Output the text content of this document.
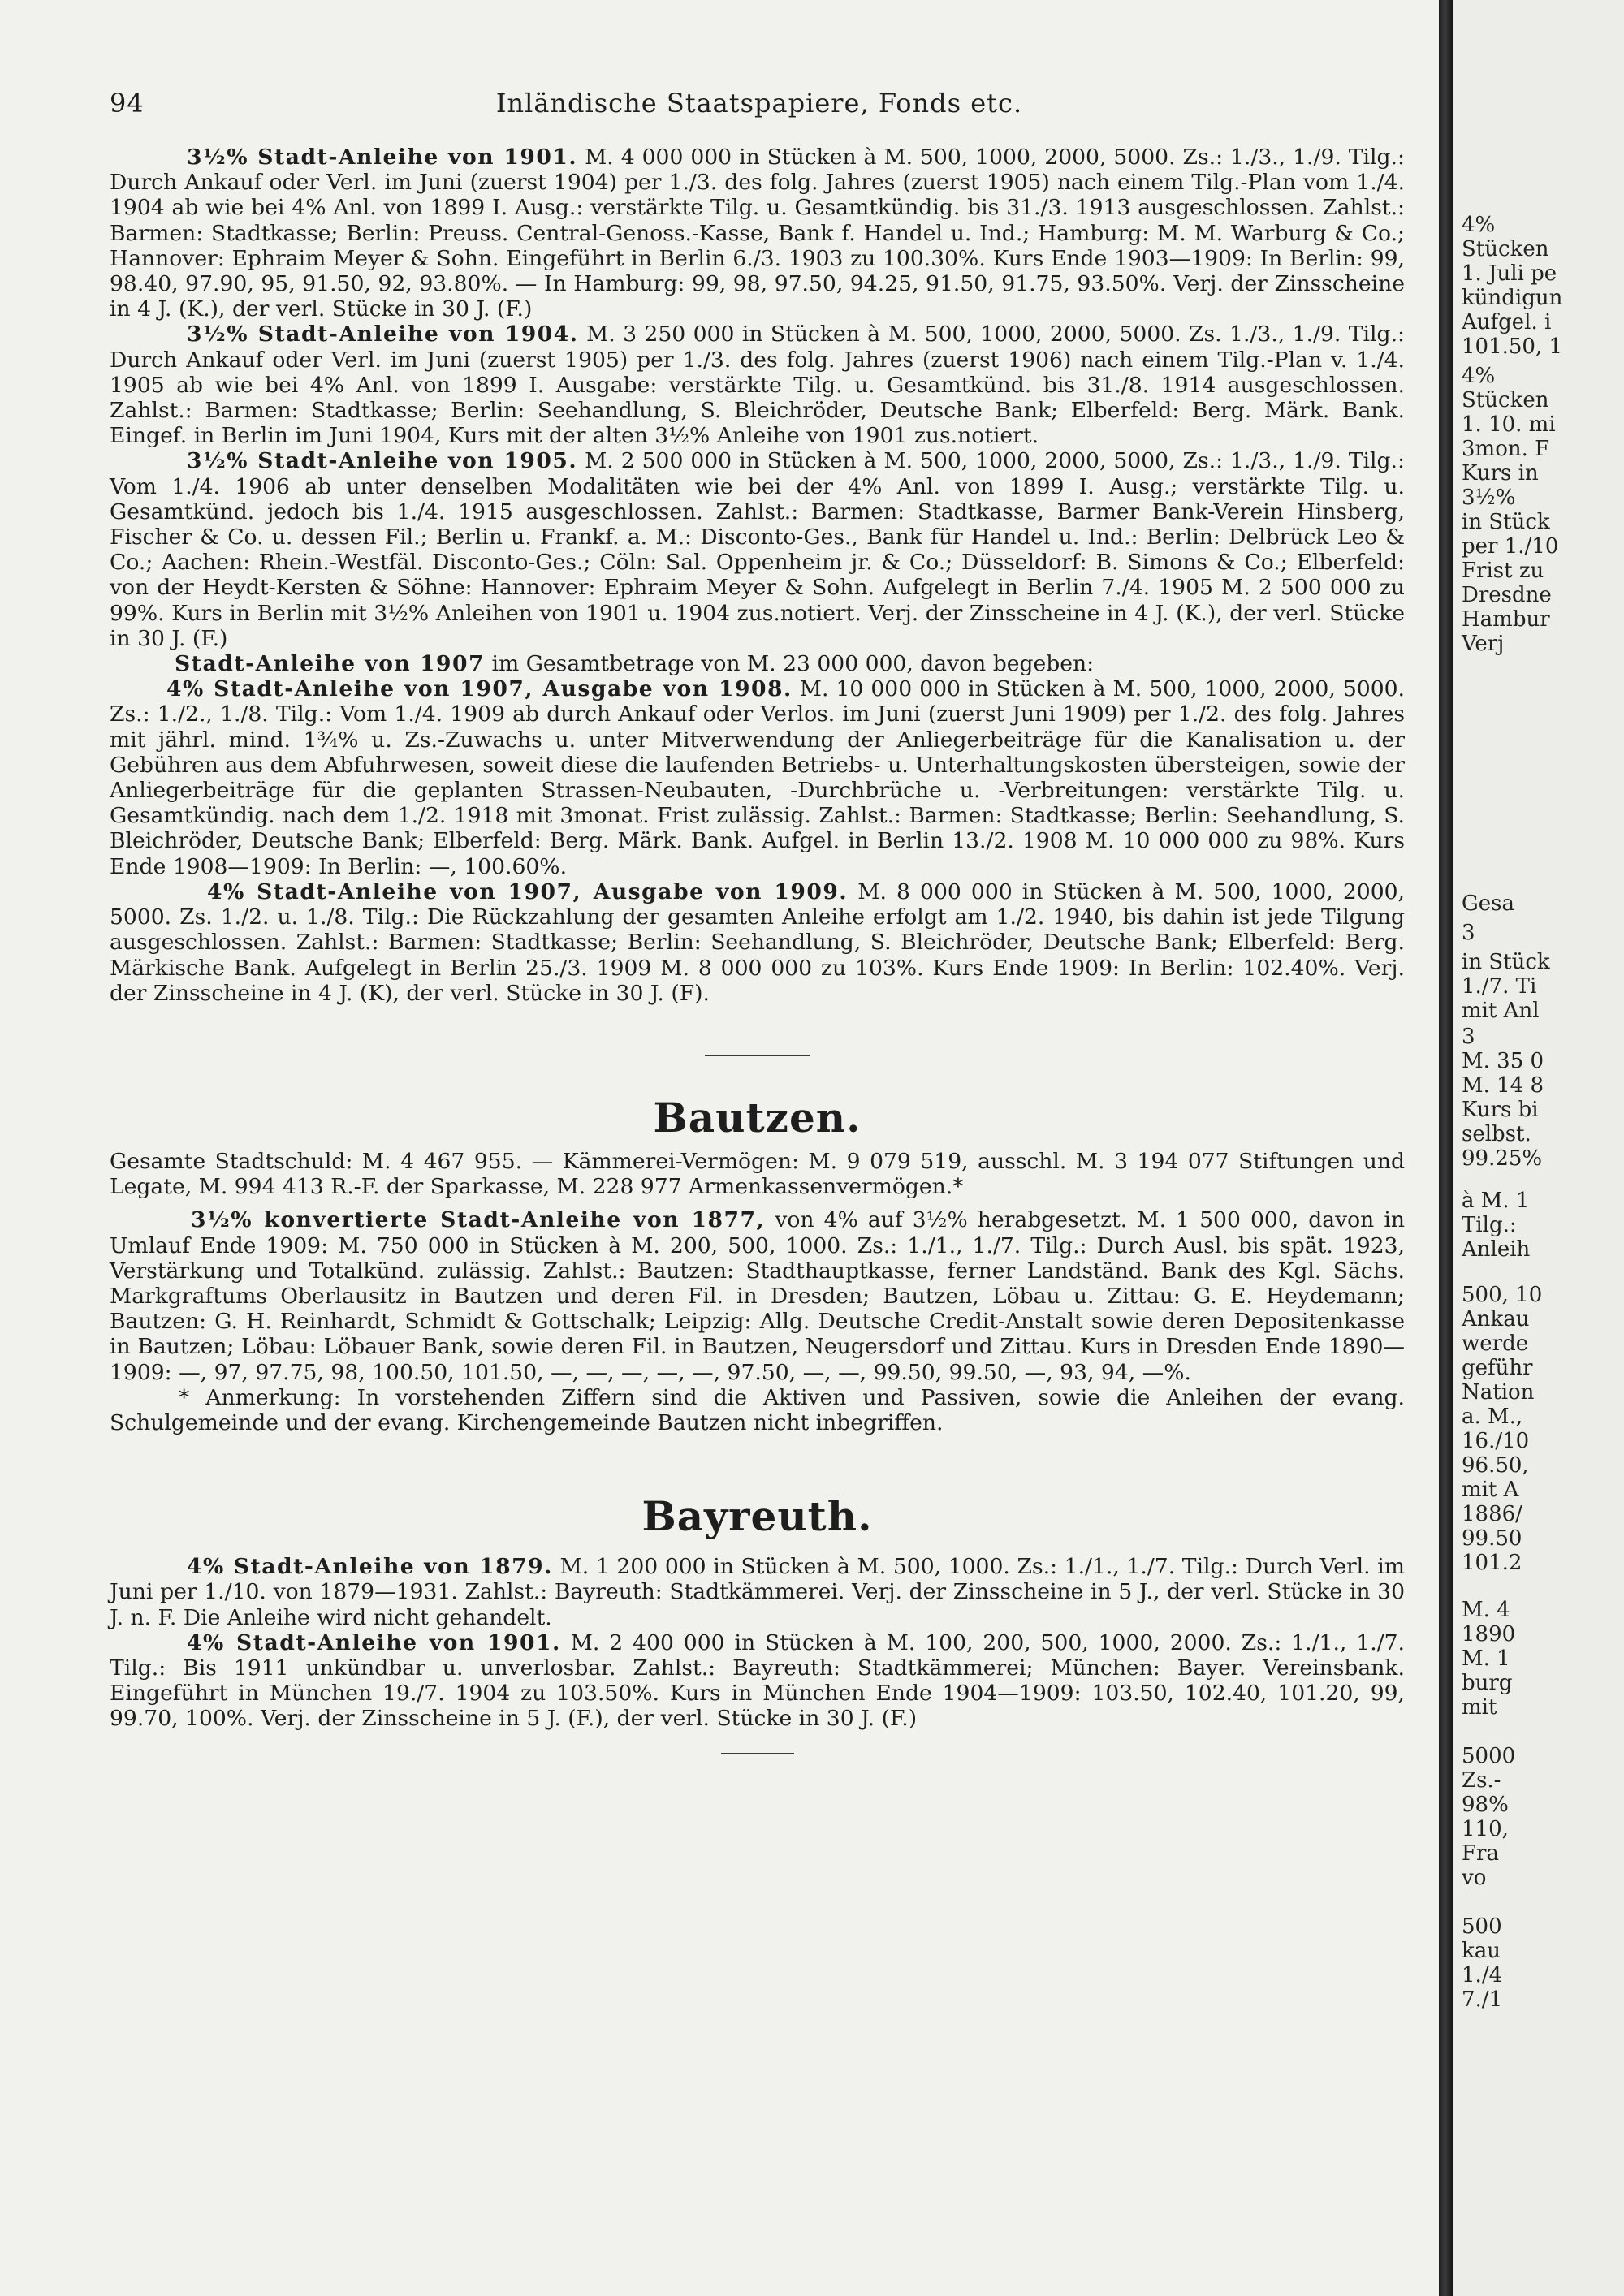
94	Inländische Staatspapiere, Fonds etc.

3½% Stadt-Anleihe von 1901. M. 4 000 000 in Stücken à M. 500, 1000, 2000, 5000. Zs.: 1./3., 1./9. Tilg.: Durch Ankauf oder Verl. im Juni (zuerst 1904) per 1./3. des folg. Jahres (zuerst 1905) nach einem Tilg.-Plan vom 1./4. 1904 ab wie bei 4% Anl. von 1899 I. Ausg.: verstärkte Tilg. u. Gesamtkündig. bis 31./3. 1913 ausgeschlossen. Zahlst.: Barmen: Stadtkasse; Berlin: Preuss. Central-Genoss.-Kasse, Bank f. Handel u. Ind.; Hamburg: M. M. Warburg & Co.; Hannover: Ephraim Meyer & Sohn. Eingeführt in Berlin 6./3. 1903 zu 100.30%. Kurs Ende 1903—1909: In Berlin: 99, 98.40, 97.90, 95, 91.50, 92, 93.80%. — In Hamburg: 99, 98, 97.50, 94.25, 91.50, 91.75, 93.50%. Verj. der Zinsscheine in 4 J. (K.), der verl. Stücke in 30 J. (F.)

3½% Stadt-Anleihe von 1904. M. 3 250 000 in Stücken à M. 500, 1000, 2000, 5000. Zs. 1./3., 1./9. Tilg.: Durch Ankauf oder Verl. im Juni (zuerst 1905) per 1./3. des folg. Jahres (zuerst 1906) nach einem Tilg.-Plan v. 1./4. 1905 ab wie bei 4% Anl. von 1899 I. Ausgabe: verstärkte Tilg. u. Gesamtkünd. bis 31./8. 1914 ausgeschlossen. Zahlst.: Barmen: Stadtkasse; Berlin: Seehandlung, S. Bleichröder, Deutsche Bank; Elberfeld: Berg. Märk. Bank. Eingef. in Berlin im Juni 1904, Kurs mit der alten 3½% Anleihe von 1901 zus.notiert.

3½% Stadt-Anleihe von 1905. M. 2 500 000 in Stücken à M. 500, 1000, 2000, 5000, Zs.: 1./3., 1./9. Tilg.: Vom 1./4. 1906 ab unter denselben Modalitäten wie bei der 4% Anl. von 1899 I. Ausg.; verstärkte Tilg. u. Gesamtkünd. jedoch bis 1./4. 1915 ausgeschlossen. Zahlst.: Barmen: Stadtkasse, Barmer Bank-Verein Hinsberg, Fischer & Co. u. dessen Fil.; Berlin u. Frankf. a. M.: Disconto-Ges., Bank für Handel u. Ind.: Berlin: Delbrück Leo & Co.; Aachen: Rhein.-Westfäl. Disconto-Ges.; Cöln: Sal. Oppenheim jr. & Co.; Düsseldorf: B. Simons & Co.; Elberfeld: von der Heydt-Kersten & Söhne: Hannover: Ephraim Meyer & Sohn. Aufgelegt in Berlin 7./4. 1905 M. 2 500 000 zu 99%. Kurs in Berlin mit 3½% Anleihen von 1901 u. 1904 zus.notiert. Verj. der Zinsscheine in 4 J. (K.), der verl. Stücke in 30 J. (F.)

Stadt-Anleihe von 1907 im Gesamtbetrage von M. 23 000 000, davon begeben:

4% Stadt-Anleihe von 1907, Ausgabe von 1908. M. 10 000 000 in Stücken à M. 500, 1000, 2000, 5000. Zs.: 1./2., 1./8. Tilg.: Vom 1./4. 1909 ab durch Ankauf oder Verlos. im Juni (zuerst Juni 1909) per 1./2. des folg. Jahres mit jährl. mind. 1¾% u. Zs.-Zuwachs u. unter Mitverwendung der Anliegerbeiträge für die Kanalisation u. der Gebühren aus dem Abfuhrwesen, soweit diese die laufenden Betriebs- u. Unterhaltungskosten übersteigen, sowie der Anliegerbeiträge für die geplanten Strassen-Neubauten, -Durchbrüche u. -Verbreitungen: verstärkte Tilg. u. Gesamtkündig. nach dem 1./2. 1918 mit 3monat. Frist zulässig. Zahlst.: Barmen: Stadtkasse; Berlin: Seehandlung, S. Bleichröder, Deutsche Bank; Elberfeld: Berg. Märk. Bank. Aufgel. in Berlin 13./2. 1908 M. 10 000 000 zu 98%. Kurs Ende 1908—1909: In Berlin: —, 100.60%.

4% Stadt-Anleihe von 1907, Ausgabe von 1909. M. 8 000 000 in Stücken à M. 500, 1000, 2000, 5000. Zs. 1./2. u. 1./8. Tilg.: Die Rückzahlung der gesamten Anleihe erfolgt am 1./2. 1940, bis dahin ist jede Tilgung ausgeschlossen. Zahlst.: Barmen: Stadtkasse; Berlin: Seehandlung, S. Bleichröder, Deutsche Bank; Elberfeld: Berg. Märkische Bank. Aufgelegt in Berlin 25./3. 1909 M. 8 000 000 zu 103%. Kurs Ende 1909: In Berlin: 102.40%. Verj. der Zinsscheine in 4 J. (K), der verl. Stücke in 30 J. (F).

Bautzen.

Gesamte Stadtschuld: M. 4 467 955. — Kämmerei-Vermögen: M. 9 079 519, ausschl. M. 3 194 077 Stiftungen und Legate, M. 994 413 R.-F. der Sparkasse, M. 228 977 Armenkassenvermögen.*

3½% konvertierte Stadt-Anleihe von 1877, von 4% auf 3½% herabgesetzt. M. 1 500 000, davon in Umlauf Ende 1909: M. 750 000 in Stücken à M. 200, 500, 1000. Zs.: 1./1., 1./7. Tilg.: Durch Ausl. bis spät. 1923, Verstärkung und Totalkünd. zulässig. Zahlst.: Bautzen: Stadthauptkasse, ferner Landständ. Bank des Kgl. Sächs. Markgraftums Oberlausitz in Bautzen und deren Fil. in Dresden; Bautzen, Löbau u. Zittau: G. E. Heydemann; Bautzen: G. H. Reinhardt, Schmidt & Gottschalk; Leipzig: Allg. Deutsche Credit-Anstalt sowie deren Depositenkasse in Bautzen; Löbau: Löbauer Bank, sowie deren Fil. in Bautzen, Neugersdorf und Zittau. Kurs in Dresden Ende 1890—1909: —, 97, 97.75, 98, 100.50, 101.50, —, —, —, —, —, 97.50, —, —, 99.50, 99.50, —, 93, 94, —%.

* Anmerkung: In vorstehenden Ziffern sind die Aktiven und Passiven, sowie die Anleihen der evang. Schulgemeinde und der evang. Kirchengemeinde Bautzen nicht inbegriffen.

Bayreuth.

4% Stadt-Anleihe von 1879. M. 1 200 000 in Stücken à M. 500, 1000. Zs.: 1./1., 1./7. Tilg.: Durch Verl. im Juni per 1./10. von 1879—1931. Zahlst.: Bayreuth: Stadtkämmerei. Verj. der Zinsscheine in 5 J., der verl. Stücke in 30 J. n. F. Die Anleihe wird nicht gehandelt.

4% Stadt-Anleihe von 1901. M. 2 400 000 in Stücken à M. 100, 200, 500, 1000, 2000. Zs.: 1./1., 1./7. Tilg.: Bis 1911 unkündbar u. unverlosbar. Zahlst.: Bayreuth: Stadtkämmerei; München: Bayer. Vereinsbank. Eingeführt in München 19./7. 1904 zu 103.50%. Kurs in München Ende 1904—1909: 103.50, 102.40, 101.20, 99, 99.70, 100%. Verj. der Zinsscheine in 5 J. (F.), der verl. Stücke in 30 J. (F.)

4%
Stücken
1. Juli pe
kündigun
Aufgel. i
101.50, 1
4%
Stücken
1. 10. mi
3mon. F
Kurs in
3½%
in Stück
per 1./10
Frist zu
Dresdne
Hambur
Verj
Gesa
3
in Stück
1./7. Ti
mit Anl
3
M. 35 0
M. 14 8
Kurs bi
selbst.
99.25%
à M. 1
Tilg.:
Anleih
500, 10
Ankau
werde
geführ
Nation
a. M.,
16./10
96.50,
mit A
1886/
99.50
101.2
M. 4
1890
M. 1
burg
mit
5000
Zs.-
98%
110,
Fra
vo
500
kau
1./4
7./1
